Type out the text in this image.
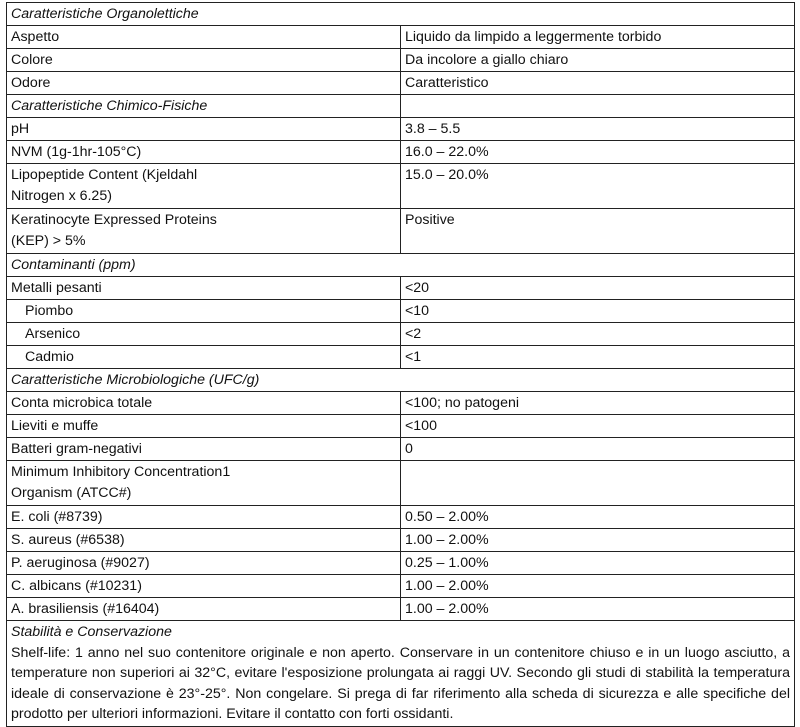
Caratteristiche Organolettiche	
Aspetto	Liquido da limpido a leggermente torbido
Colore	Da incolore a giallo chiaro
Odore	Caratteristico
Caratteristiche Chimico-Fisiche	
pH	3.8 – 5.5
NVM (1g-1hr-105°C)	16.0 – 22.0%
Lipopeptide Content (Kjeldahl
Nitrogen x 6.25)	15.0 – 20.0%
Keratinocyte Expressed Proteins
(KEP) > 5%	Positive
Contaminanti (ppm)	
Metalli pesanti	<20
Piombo	<10
Arsenico	<2
Cadmio	<1
Caratteristiche Microbiologiche (UFC/g)	
Conta microbica totale	<100; no patogeni
Lieviti e muffe	<100
Batteri gram-negativi	0
Minimum Inhibitory Concentration1
Organism (ATCC#)	
E. coli (#8739)	0.50 – 2.00%
S. aureus (#6538)	1.00 – 2.00%
P. aeruginosa (#9027)	0.25 – 1.00%
C. albicans (#10231)	1.00 – 2.00%
A. brasiliensis (#16404)	1.00 – 2.00%

Stabilità e Conservazione
Shelf-life: 1 anno nel suo contenitore originale e non aperto. Conservare in un contenitore chiuso e in un luogo asciutto, a temperature non superiori ai 32°C, evitare l'esposizione prolungata ai raggi UV. Secondo gli studi di stabilità la temperatura ideale di conservazione è 23°-25°. Non congelare. Si prega di far riferimento alla scheda di sicurezza e alle specifiche del prodotto per ulteriori informazioni. Evitare il contatto con forti ossidanti.	
